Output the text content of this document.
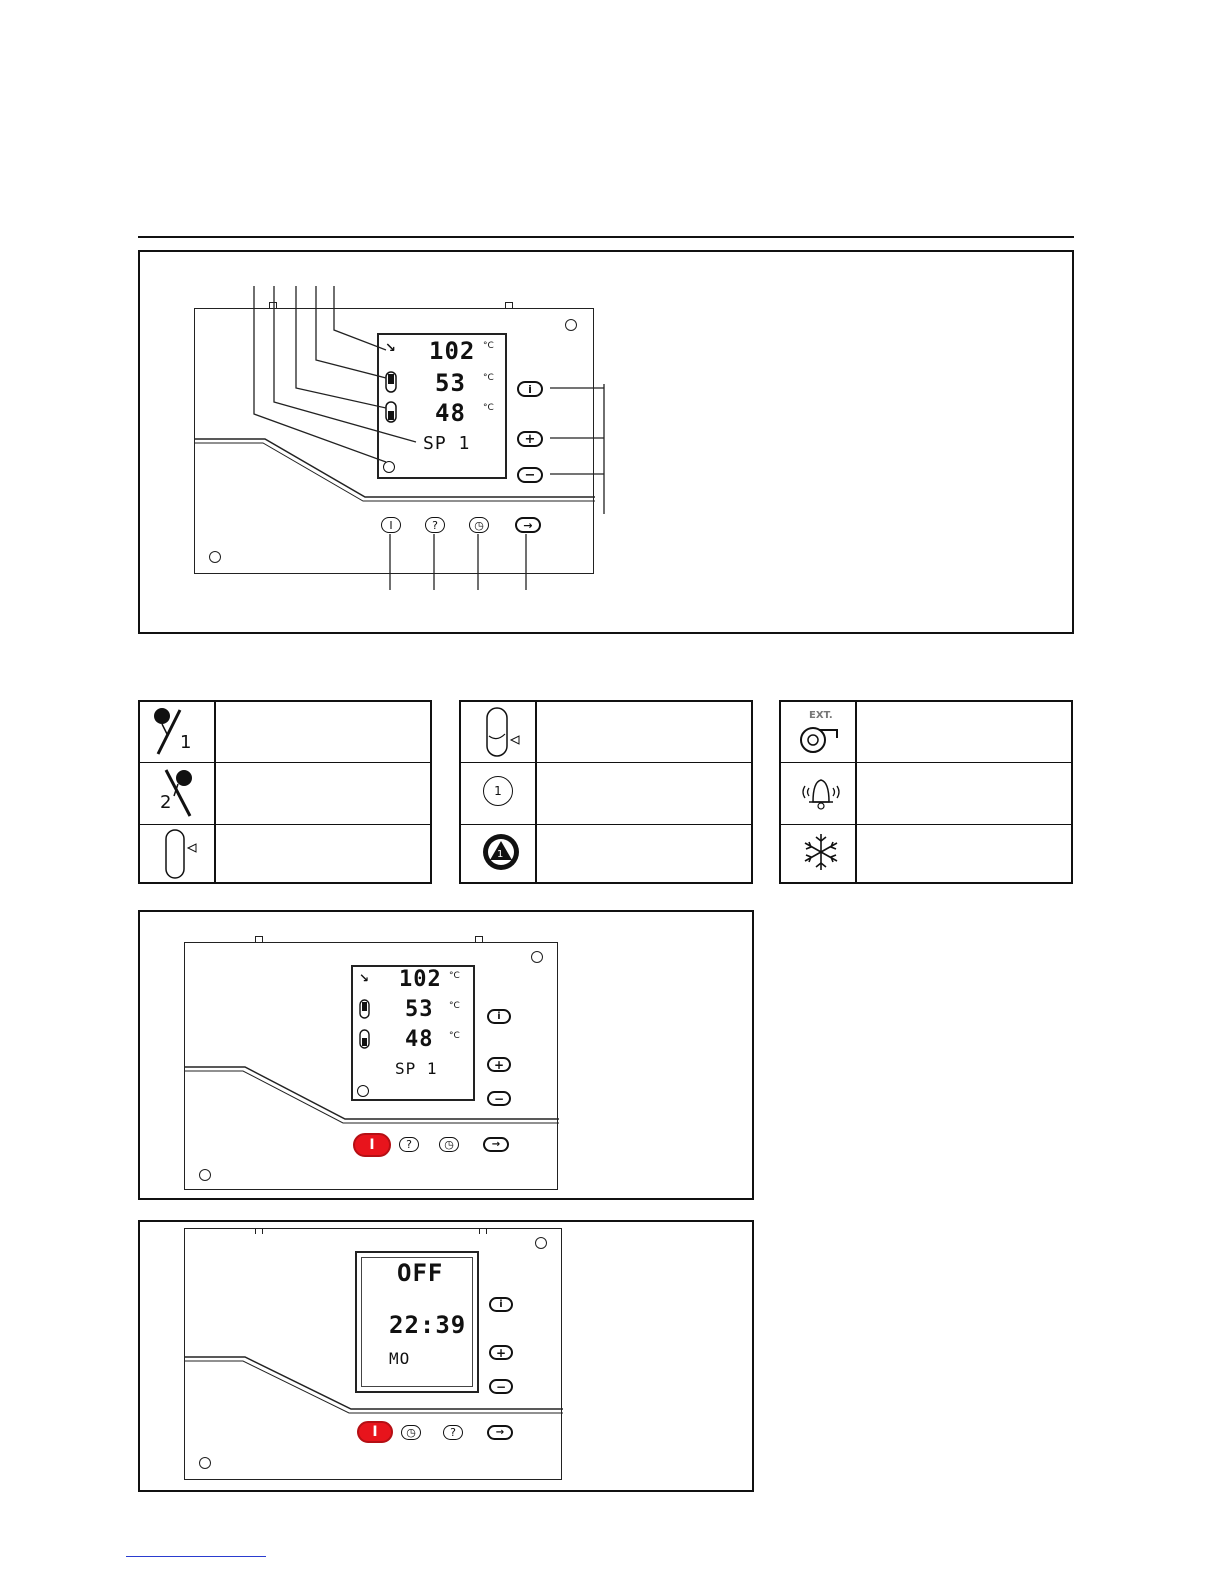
↘ 102 °C
53 °C
48 °C
SP 1
i
+
−
I	?	◷	→
1
2
1
1
EXT.
↘ 102 °C
53 °C
48 °C
SP 1
i
+
−
I	?	◷	→
OFF
22:39
MO
i
+
−
I	◷	?	→
